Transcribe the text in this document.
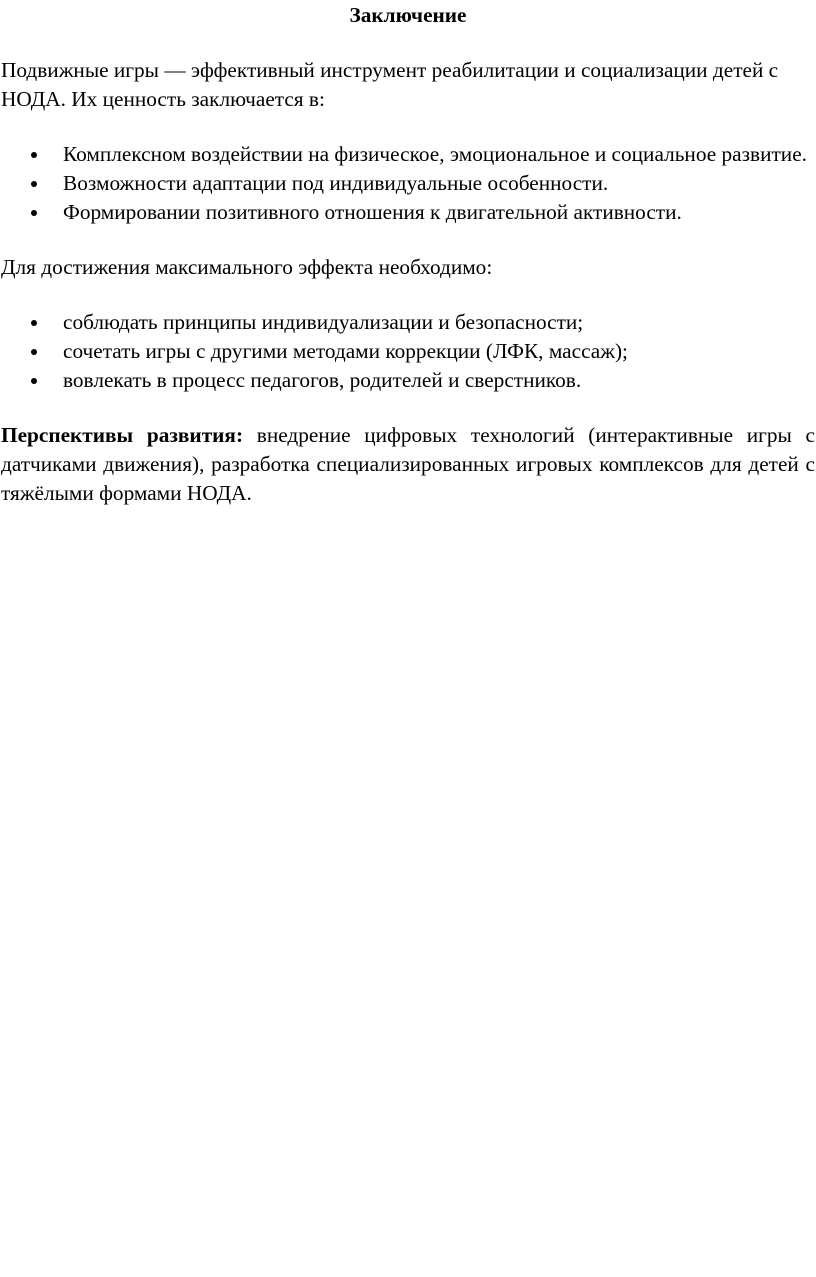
Заключение

Подвижные игры — эффективный инструмент реабилитации и социализации детей с НОДА. Их ценность заключается в:

Комплексном воздействии на физическое, эмоциональное и социальное развитие.
Возможности адаптации под индивидуальные особенности.
Формировании позитивного отношения к двигательной активности.

Для достижения максимального эффекта необходимо:

соблюдать принципы индивидуализации и безопасности;
сочетать игры с другими методами коррекции (ЛФК, массаж);
вовлекать в процесс педагогов, родителей и сверстников.

Перспективы развития: внедрение цифровых технологий (интерактивные игры с датчиками движения), разработка специализированных игровых комплексов для детей с тяжёлыми формами НОДА.
